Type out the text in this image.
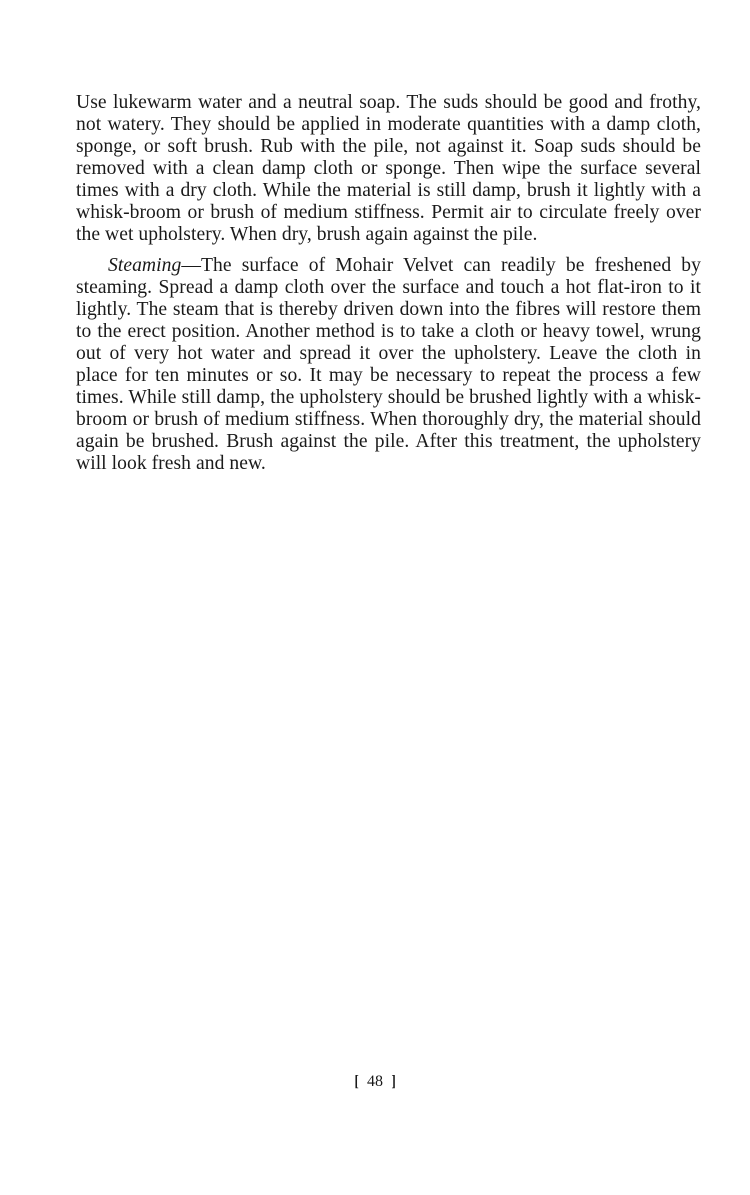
Use lukewarm water and a neutral soap. The suds should be good and frothy, not watery. They should be applied in moderate quantities with a damp cloth, sponge, or soft brush. Rub with the pile, not against it. Soap suds should be removed with a clean damp cloth or sponge. Then wipe the surface several times with a dry cloth. While the material is still damp, brush it lightly with a whisk-broom or brush of medium stiffness. Permit air to circulate freely over the wet upholstery. When dry, brush again against the pile.

Steaming—The surface of Mohair Velvet can readily be freshened by steaming. Spread a damp cloth over the surface and touch a hot flat-iron to it lightly. The steam that is thereby driven down into the fibres will restore them to the erect position. Another method is to take a cloth or heavy towel, wrung out of very hot water and spread it over the upholstery. Leave the cloth in place for ten minutes or so. It may be necessary to repeat the process a few times. While still damp, the upholstery should be brushed lightly with a whisk-broom or brush of medium stiffness. When thoroughly dry, the material should again be brushed. Brush against the pile. After this treatment, the upholstery will look fresh and new.

[ 48 ]
